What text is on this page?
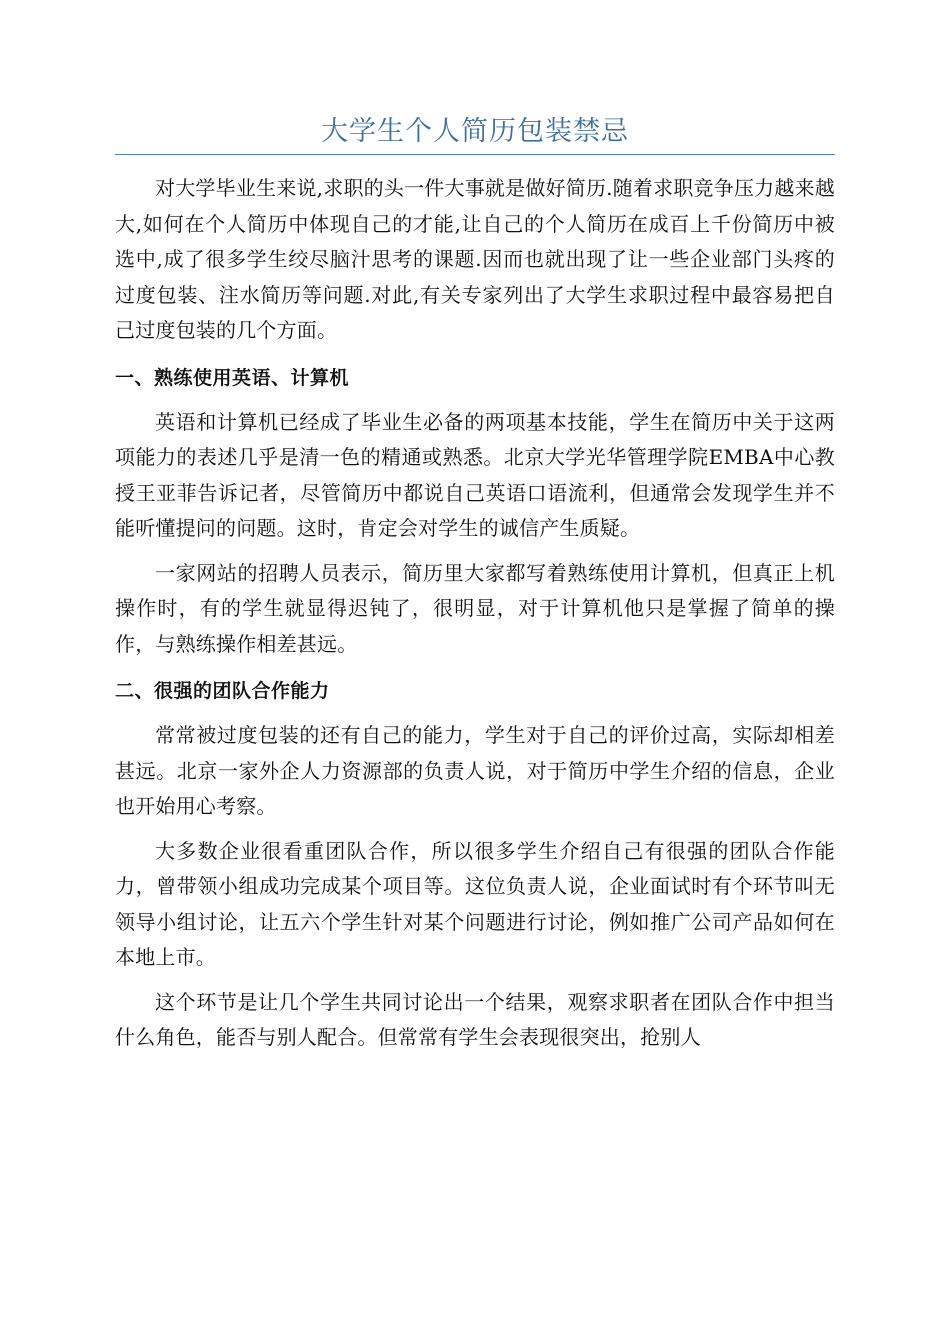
大学生个人简历包装禁忌

对大学毕业生来说,求职的头一件大事就是做好简历.随着求职竞争压力越来越大,如何在个人简历中体现自己的才能,让自己的个人简历在成百上千份简历中被选中,成了很多学生绞尽脑汁思考的课题.因而也就出现了让一些企业部门头疼的过度包装、注水简历等问题.对此,有关专家列出了大学生求职过程中最容易把自己过度包装的几个方面。

一、熟练使用英语、计算机

英语和计算机已经成了毕业生必备的两项基本技能，学生在简历中关于这两项能力的表述几乎是清一色的精通或熟悉。北京大学光华管理学院EMBA中心教授王亚菲告诉记者，尽管简历中都说自己英语口语流利，但通常会发现学生并不能听懂提问的问题。这时，肯定会对学生的诚信产生质疑。

一家网站的招聘人员表示，简历里大家都写着熟练使用计算机，但真正上机操作时，有的学生就显得迟钝了，很明显，对于计算机他只是掌握了简单的操作，与熟练操作相差甚远。

二、很强的团队合作能力

常常被过度包装的还有自己的能力，学生对于自己的评价过高，实际却相差甚远。北京一家外企人力资源部的负责人说，对于简历中学生介绍的信息，企业也开始用心考察。

大多数企业很看重团队合作，所以很多学生介绍自己有很强的团队合作能力，曾带领小组成功完成某个项目等。这位负责人说，企业面试时有个环节叫无领导小组讨论，让五六个学生针对某个问题进行讨论，例如推广公司产品如何在本地上市。

这个环节是让几个学生共同讨论出一个结果，观察求职者在团队合作中担当什么角色，能否与别人配合。但常常有学生会表现很突出，抢别人
